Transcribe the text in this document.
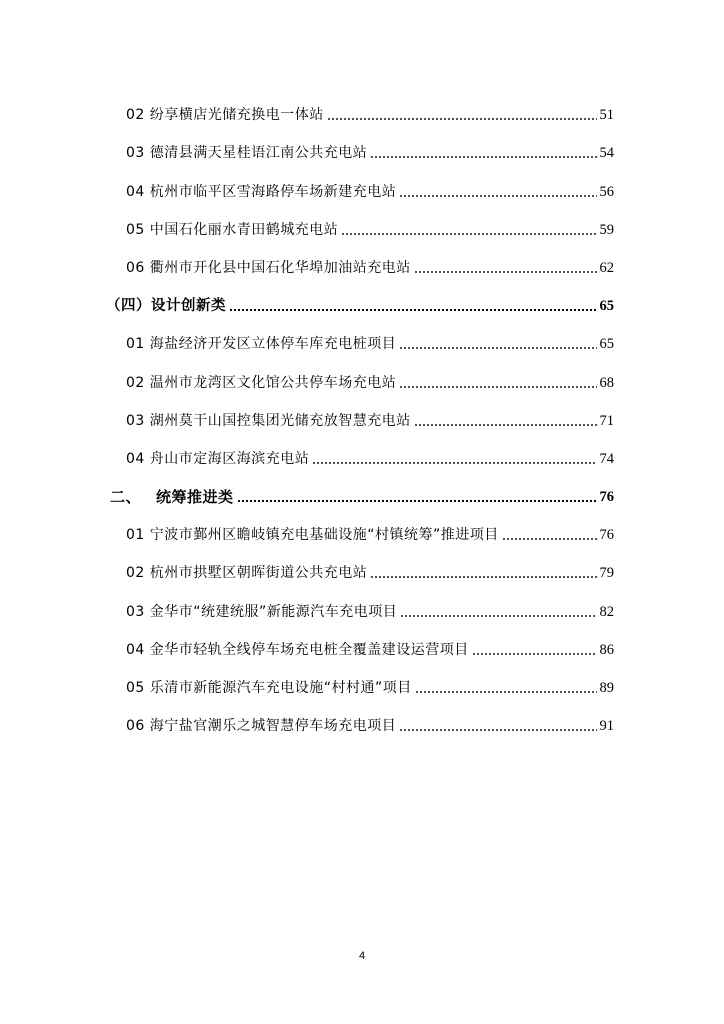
02 纷享横店光储充换电一体站	51
03 德清县满天星桂语江南公共充电站	54
04 杭州市临平区雪海路停车场新建充电站	56
05 中国石化丽水青田鹤城充电站	59
06 衢州市开化县中国石化华埠加油站充电站	62
（四）设计创新类	65
01 海盐经济开发区立体停车库充电桩项目	65
02 温州市龙湾区文化馆公共停车场充电站	68
03 湖州莫干山国控集团光储充放智慧充电站	71
04 舟山市定海区海滨充电站	74
二、 统筹推进类	76
01 宁波市鄞州区瞻岐镇充电基础设施“村镇统筹”推进项目	76
02 杭州市拱墅区朝晖街道公共充电站	79
03 金华市“统建统服”新能源汽车充电项目	82
04 金华市轻轨全线停车场充电桩全覆盖建设运营项目	86
05 乐清市新能源汽车充电设施“村村通”项目	89
06 海宁盐官潮乐之城智慧停车场充电项目	91
4
